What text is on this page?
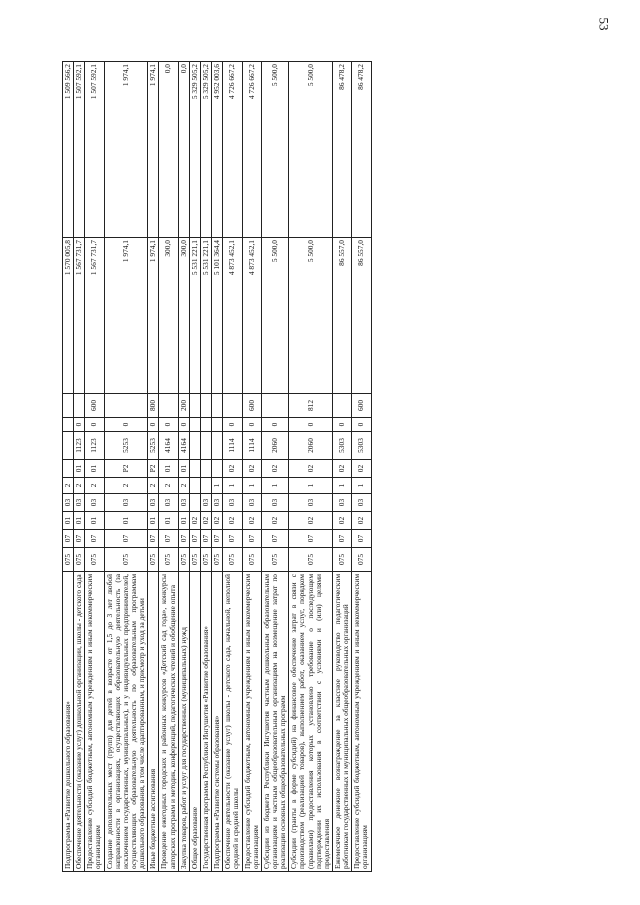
53
Подпрограмма «Развитие дошкольного образования»	075	07	01	03	2					1 570 005,8	1 509 566,2
Обеспечение деятельности (оказание услуг) дошкольной организации, школы - детского сада	075	07	01	03	2	01	1123	0		1 567 731,7	1 507 592,1
Предоставление субсидий бюджетным, автономным учреждениям и иным некоммерческим организациям	075	07	01	03	2	01	1123	0	600	1 567 731,7	1 507 592,1
Создание дополнительных мест (групп) для детей в возрасте от 1,5 до 3 лет любой направленности в организациях, осуществляющих образовательную деятельность (за исключением государственных, муниципальных), и у индивидуальных предпринимателей, осуществляющих образовательную деятельность по образовательным программам дошкольного образования, в том числе адаптированным, и присмотр и уход за детьми	075	07	01	03	2	P2	5253	0		1 974,1	1 974,1
Иные бюджетные ассигнования	075	07	01	03	2	P2	5253	0	800	1 974,1	1 974,1
Проведение ежегодных городских и районных конкурсов «Детский сад года», конкурсы авторских программ и методик, конференций, педагогических чтений и обобщение опыта	075	07	01	03	2	01	4164	0		300,0	0,0
Закупка товаров, работ и услуг для государственных (муниципальных) нужд	075	07	01	03	2	01	4164	0	200	300,0	0,0
Общее образование	075	07	02							5 531 221,1	5 329 505,2
Государственная программа Республики Ингушетия «Развитие образования»	075	07	02	03						5 531 221,1	5 329 505,2
Подпрограмма «Развитие системы образования»	075	07	02	03	1					5 101 364,4	4 952 003,6
Обеспечение деятельности (оказание услуг) школы - детского сада, начальной, неполной средней и средней школы	075	07	02	03	1	02	1114	0		4 873 452,1	4 726 667,2
Предоставление субсидий бюджетным, автономным учреждениям и иным некоммерческим организациям	075	07	02	03	1	02	1114	0	600	4 873 452,1	4 726 667,2
Субсидии из бюджета Республики Ингушетия частным дошкольным образовательным организациям и частным общеобразовательным организациям на возмещение затрат по реализации основных общеобразовательных программ	075	07	02	03	1	02	2060	0		5 500,0	5 500,0
Субсидии (гранты в форме субсидий) на финансовое обеспечение затрат в связи с производством (реализацией товаров), выполнением работ, оказанием услуг, порядком (правилами) предоставления которых установлено требование о последующем подтверждении их использования в соответствии с условиями и (или) целями предоставления	075	07	02	03	1	02	2060	0	812	5 500,0	5 500,0
Ежемесячное денежное вознаграждение за классное руководство педагогическим работникам государственных и муниципальных общеобразовательных организаций	075	07	02	03	1	02	5303	0		86 557,0	86 478,2
Предоставление субсидий бюджетным, автономным учреждениям и иным некоммерческим организациям	075	07	02	03	1	02	5303	0	600	86 557,0	86 478,2
